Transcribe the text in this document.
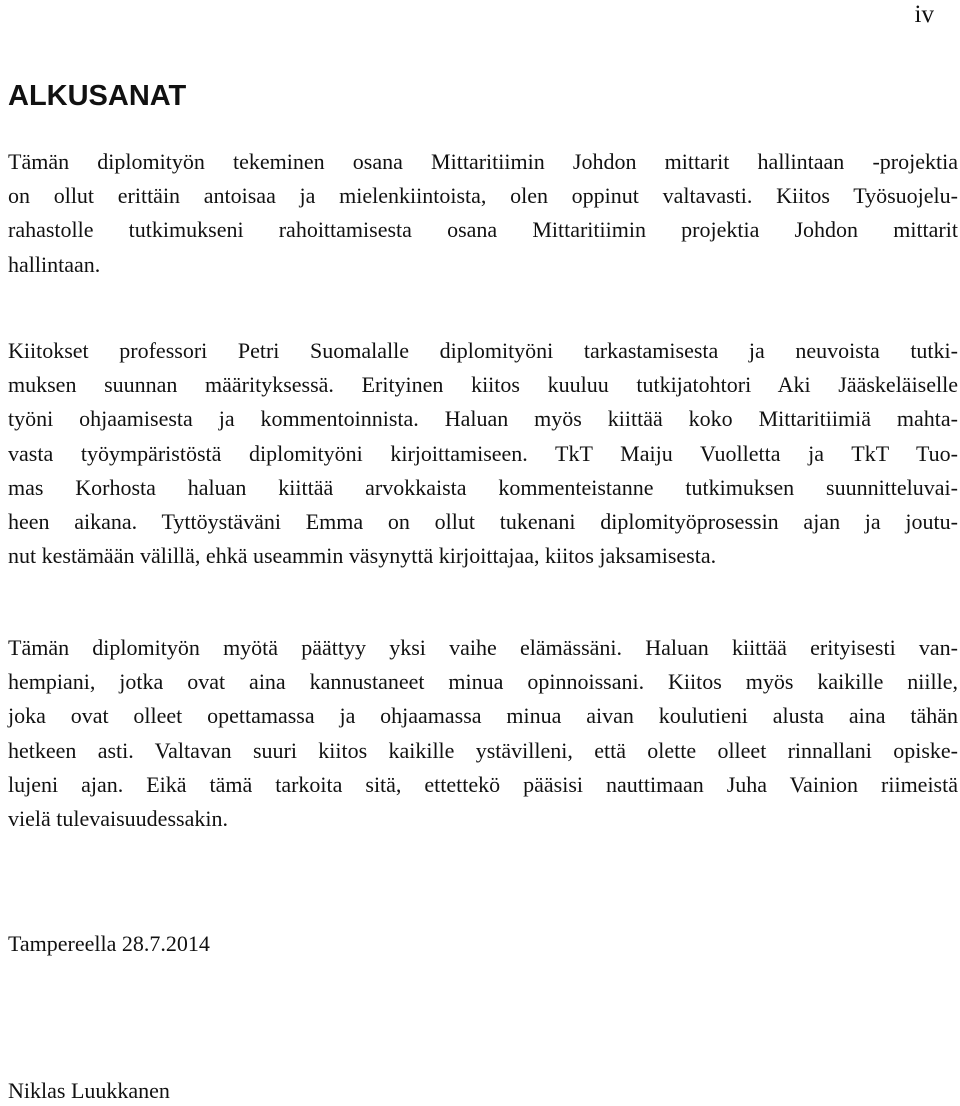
iv
ALKUSANAT

Tämän diplomityön tekeminen osana Mittaritiimin Johdon mittarit hallintaan -projektia
on ollut erittäin antoisaa ja mielenkiintoista, olen oppinut valtavasti. Kiitos Työsuojelu-
rahastolle tutkimukseni rahoittamisesta osana Mittaritiimin projektia Johdon mittarit
hallintaan.

Kiitokset professori Petri Suomalalle diplomityöni tarkastamisesta ja neuvoista tutki-
muksen suunnan määrityksessä. Erityinen kiitos kuuluu tutkijatohtori Aki Jääskeläiselle
työni ohjaamisesta ja kommentoinnista. Haluan myös kiittää koko Mittaritiimiä mahta-
vasta työympäristöstä diplomityöni kirjoittamiseen. TkT Maiju Vuolletta ja TkT Tuo-
mas Korhosta haluan kiittää arvokkaista kommenteistanne tutkimuksen suunnitteluvai-
heen aikana. Tyttöystäväni Emma on ollut tukenani diplomityöprosessin ajan ja joutu-
nut kestämään välillä, ehkä useammin väsynyttä kirjoittajaa, kiitos jaksamisesta.

Tämän diplomityön myötä päättyy yksi vaihe elämässäni. Haluan kiittää erityisesti van-
hempiani, jotka ovat aina kannustaneet minua opinnoissani. Kiitos myös kaikille niille,
joka ovat olleet opettamassa ja ohjaamassa minua aivan koulutieni alusta aina tähän
hetkeen asti. Valtavan suuri kiitos kaikille ystävilleni, että olette olleet rinnallani opiske-
lujeni ajan. Eikä tämä tarkoita sitä, ettettekö pääsisi nauttimaan Juha Vainion riimeistä
vielä tulevaisuudessakin.

Tampereella 28.7.2014

Niklas Luukkanen
